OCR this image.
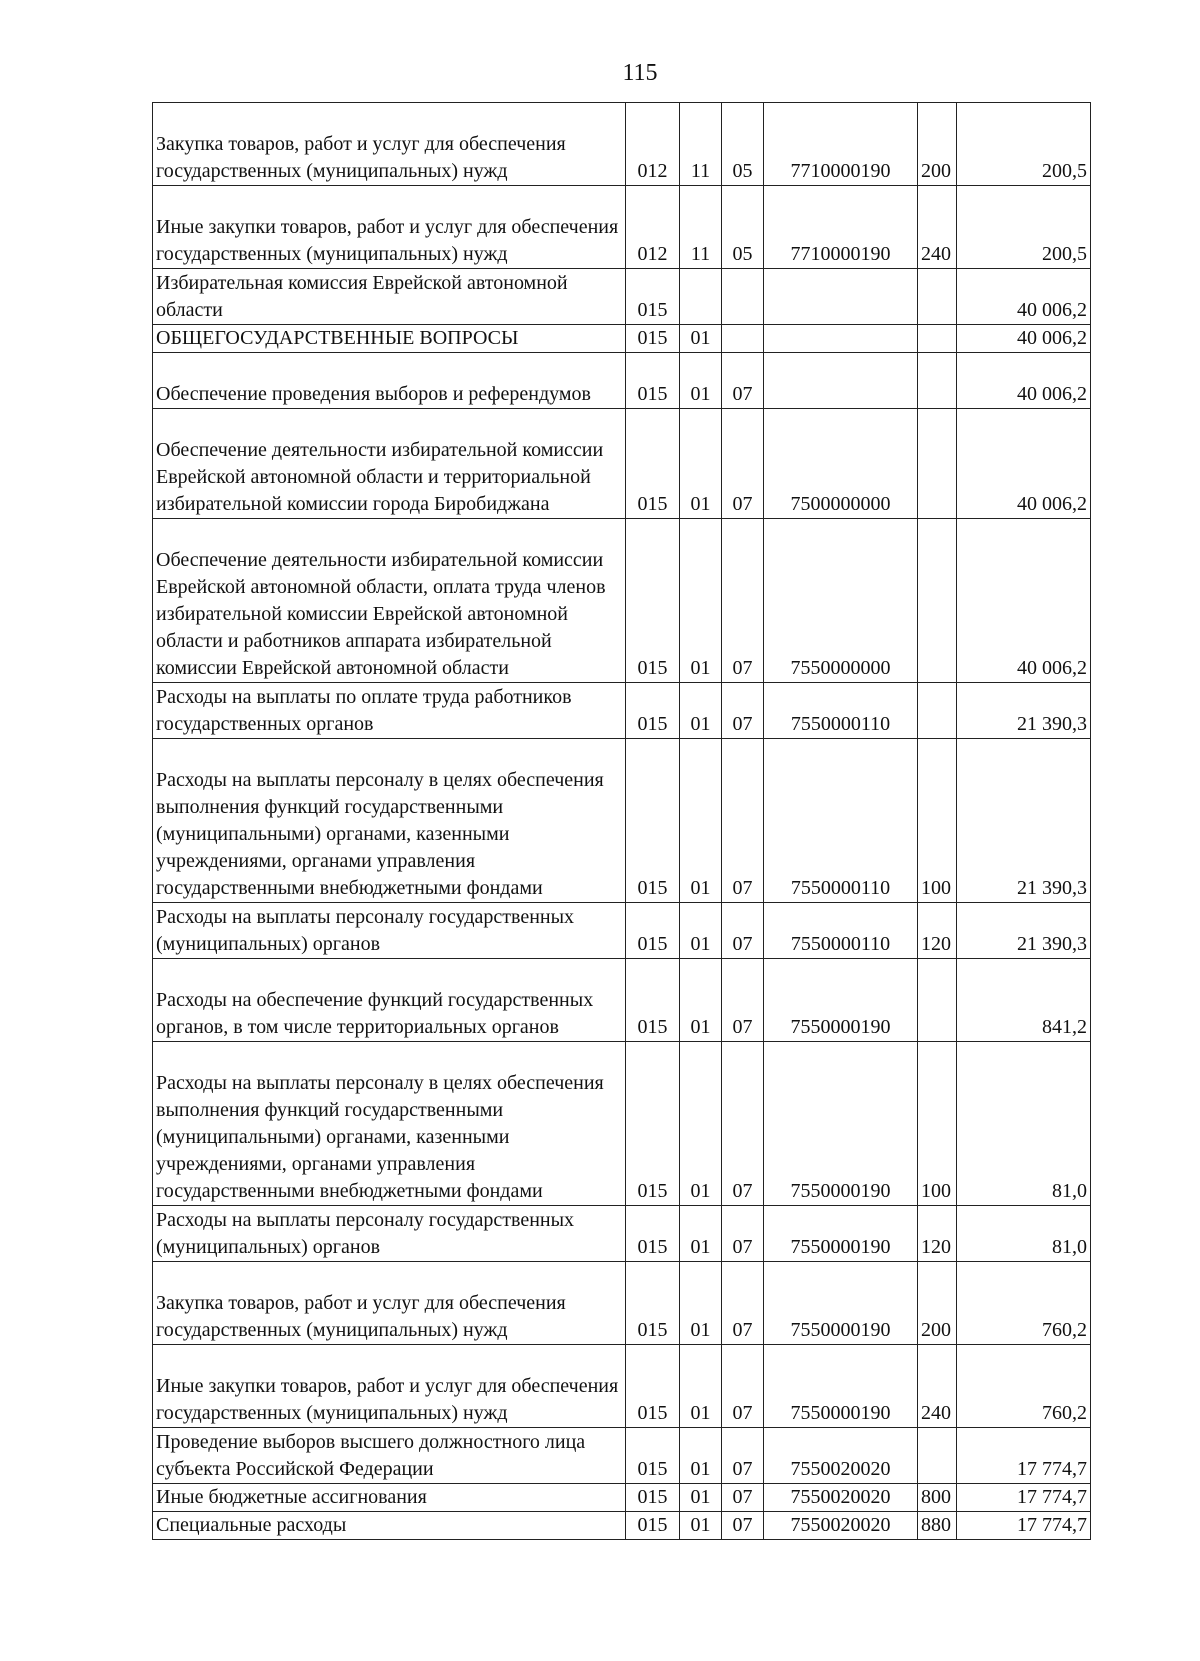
115
Закупка товаров, работ и услуг для обеспечения государственных (муниципальных) нужд	012	11	05	7710000190	200	200,5
Иные закупки товаров, работ и услуг для обеспечения государственных (муниципальных) нужд	012	11	05	7710000190	240	200,5
Избирательная комиссия Еврейской автономной области	015					40 006,2
ОБЩЕГОСУДАРСТВЕННЫЕ ВОПРОСЫ	015	01				40 006,2
Обеспечение проведения выборов и референдумов	015	01	07			40 006,2
Обеспечение деятельности избирательной комиссии Еврейской автономной области и территориальной избирательной комиссии города Биробиджана	015	01	07	7500000000		40 006,2
Обеспечение деятельности избирательной комиссии Еврейской автономной области, оплата труда членов избирательной комиссии Еврейской автономной области и работников аппарата избирательной комиссии Еврейской автономной области	015	01	07	7550000000		40 006,2
Расходы на выплаты по оплате труда работников государственных органов	015	01	07	7550000110		21 390,3
Расходы на выплаты персоналу в целях обеспечения выполнения функций государственными (муниципальными) органами, казенными учреждениями, органами управления государственными внебюджетными фондами	015	01	07	7550000110	100	21 390,3
Расходы на выплаты персоналу государственных (муниципальных) органов	015	01	07	7550000110	120	21 390,3
Расходы на обеспечение функций государственных органов, в том числе территориальных органов	015	01	07	7550000190		841,2
Расходы на выплаты персоналу в целях обеспечения выполнения функций государственными (муниципальными) органами, казенными учреждениями, органами управления государственными внебюджетными фондами	015	01	07	7550000190	100	81,0
Расходы на выплаты персоналу государственных (муниципальных) органов	015	01	07	7550000190	120	81,0
Закупка товаров, работ и услуг для обеспечения государственных (муниципальных) нужд	015	01	07	7550000190	200	760,2
Иные закупки товаров, работ и услуг для обеспечения государственных (муниципальных) нужд	015	01	07	7550000190	240	760,2
Проведение выборов высшего должностного лица субъекта Российской Федерации	015	01	07	7550020020		17 774,7
Иные бюджетные ассигнования	015	01	07	7550020020	800	17 774,7
Специальные расходы	015	01	07	7550020020	880	17 774,7
